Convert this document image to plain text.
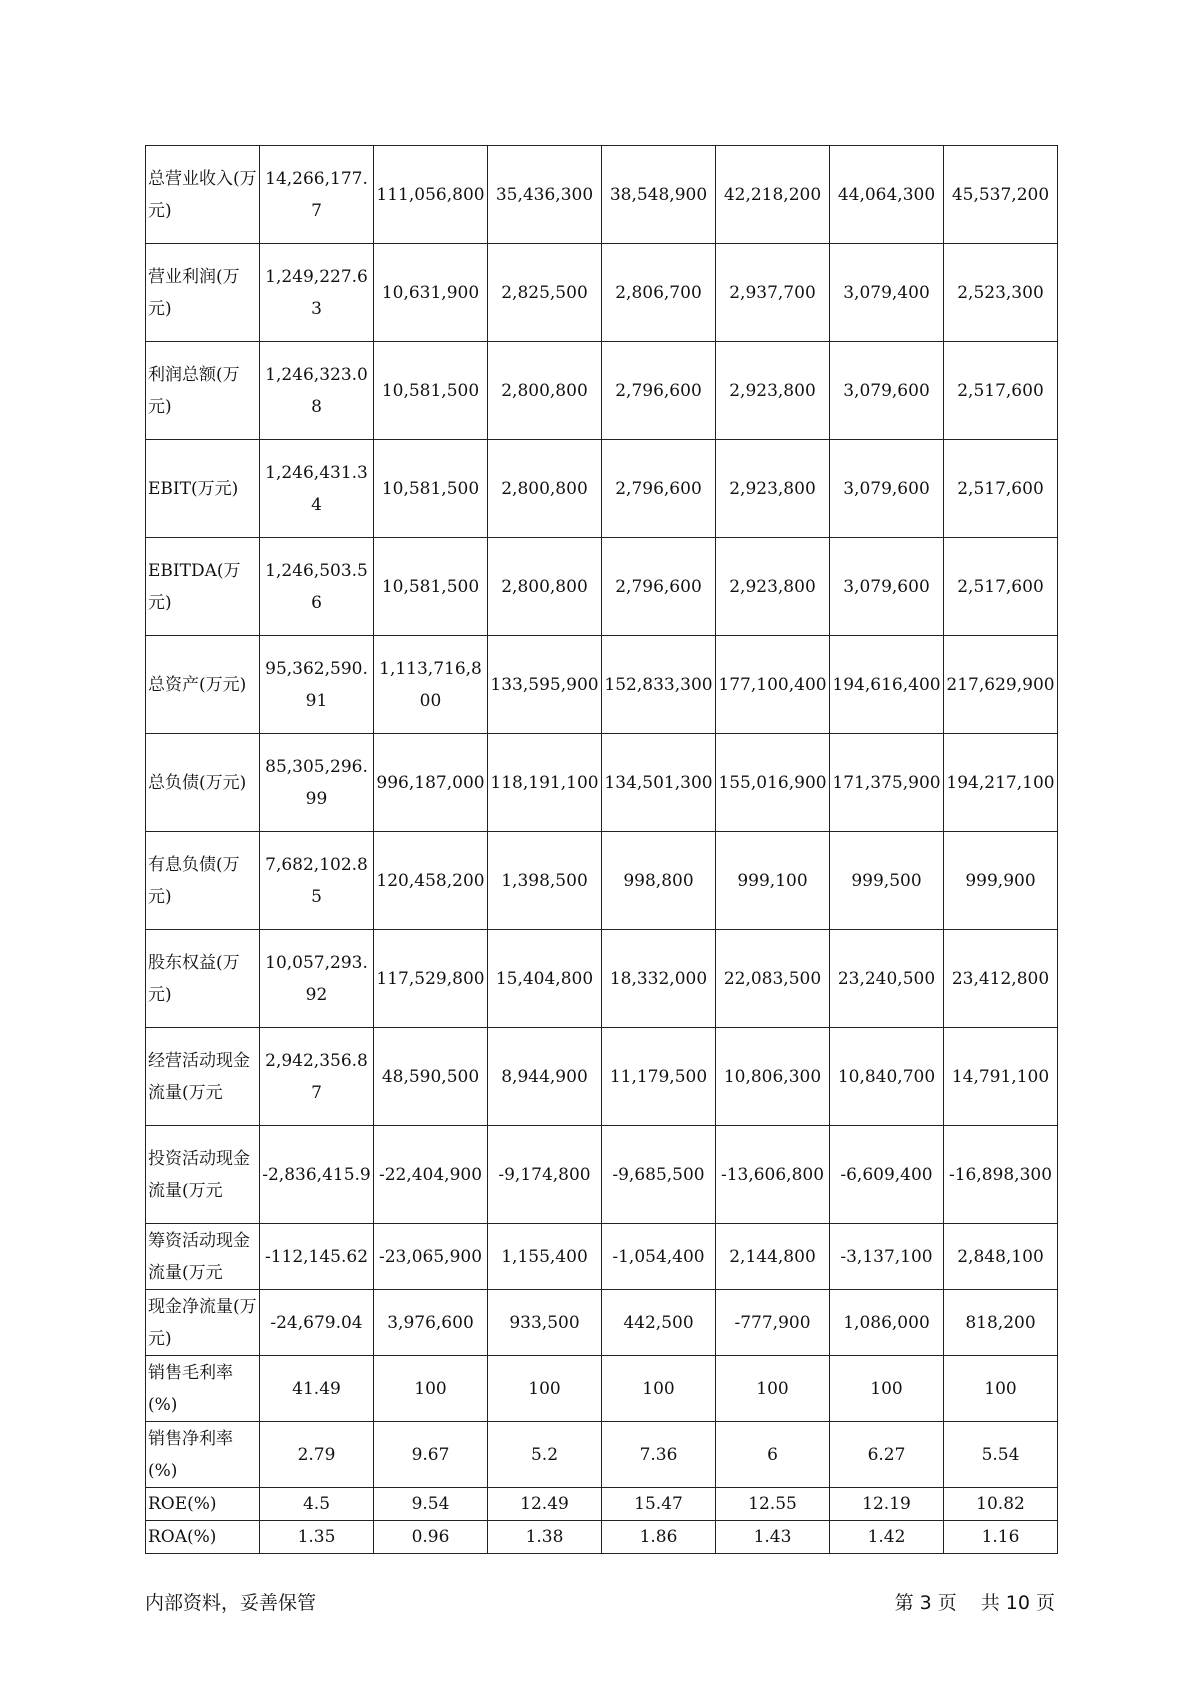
总营业收入(万元)	14,266,177.7	111,056,800	35,436,300	38,548,900	42,218,200	44,064,300	45,537,200
营业利润(万元)	1,249,227.63	10,631,900	2,825,500	2,806,700	2,937,700	3,079,400	2,523,300
利润总额(万元)	1,246,323.08	10,581,500	2,800,800	2,796,600	2,923,800	3,079,600	2,517,600
EBIT(万元)	1,246,431.34	10,581,500	2,800,800	2,796,600	2,923,800	3,079,600	2,517,600
EBITDA(万元)	1,246,503.56	10,581,500	2,800,800	2,796,600	2,923,800	3,079,600	2,517,600
总资产(万元)	95,362,590.91	1,113,716,800	133,595,900	152,833,300	177,100,400	194,616,400	217,629,900
总负债(万元)	85,305,296.99	996,187,000	118,191,100	134,501,300	155,016,900	171,375,900	194,217,100
有息负债(万元)	7,682,102.85	120,458,200	1,398,500	998,800	999,100	999,500	999,900
股东权益(万元)	10,057,293.92	117,529,800	15,404,800	18,332,000	22,083,500	23,240,500	23,412,800
经营活动现金流量(万元	2,942,356.87	48,590,500	8,944,900	11,179,500	10,806,300	10,840,700	14,791,100
投资活动现金流量(万元	-2,836,415.9	-22,404,900	-9,174,800	-9,685,500	-13,606,800	-6,609,400	-16,898,300
筹资活动现金流量(万元	-112,145.62	-23,065,900	1,155,400	-1,054,400	2,144,800	-3,137,100	2,848,100
现金净流量(万元)	-24,679.04	3,976,600	933,500	442,500	-777,900	1,086,000	818,200
销售毛利率(%)	41.49	100	100	100	100	100	100
销售净利率(%)	2.79	9.67	5.2	7.36	6	6.27	5.54
ROE(%)	4.5	9.54	12.49	15.47	12.55	12.19	10.82
ROA(%)	1.35	0.96	1.38	1.86	1.43	1.42	1.16
内部资料，妥善保管	第 3 页 共 10 页
